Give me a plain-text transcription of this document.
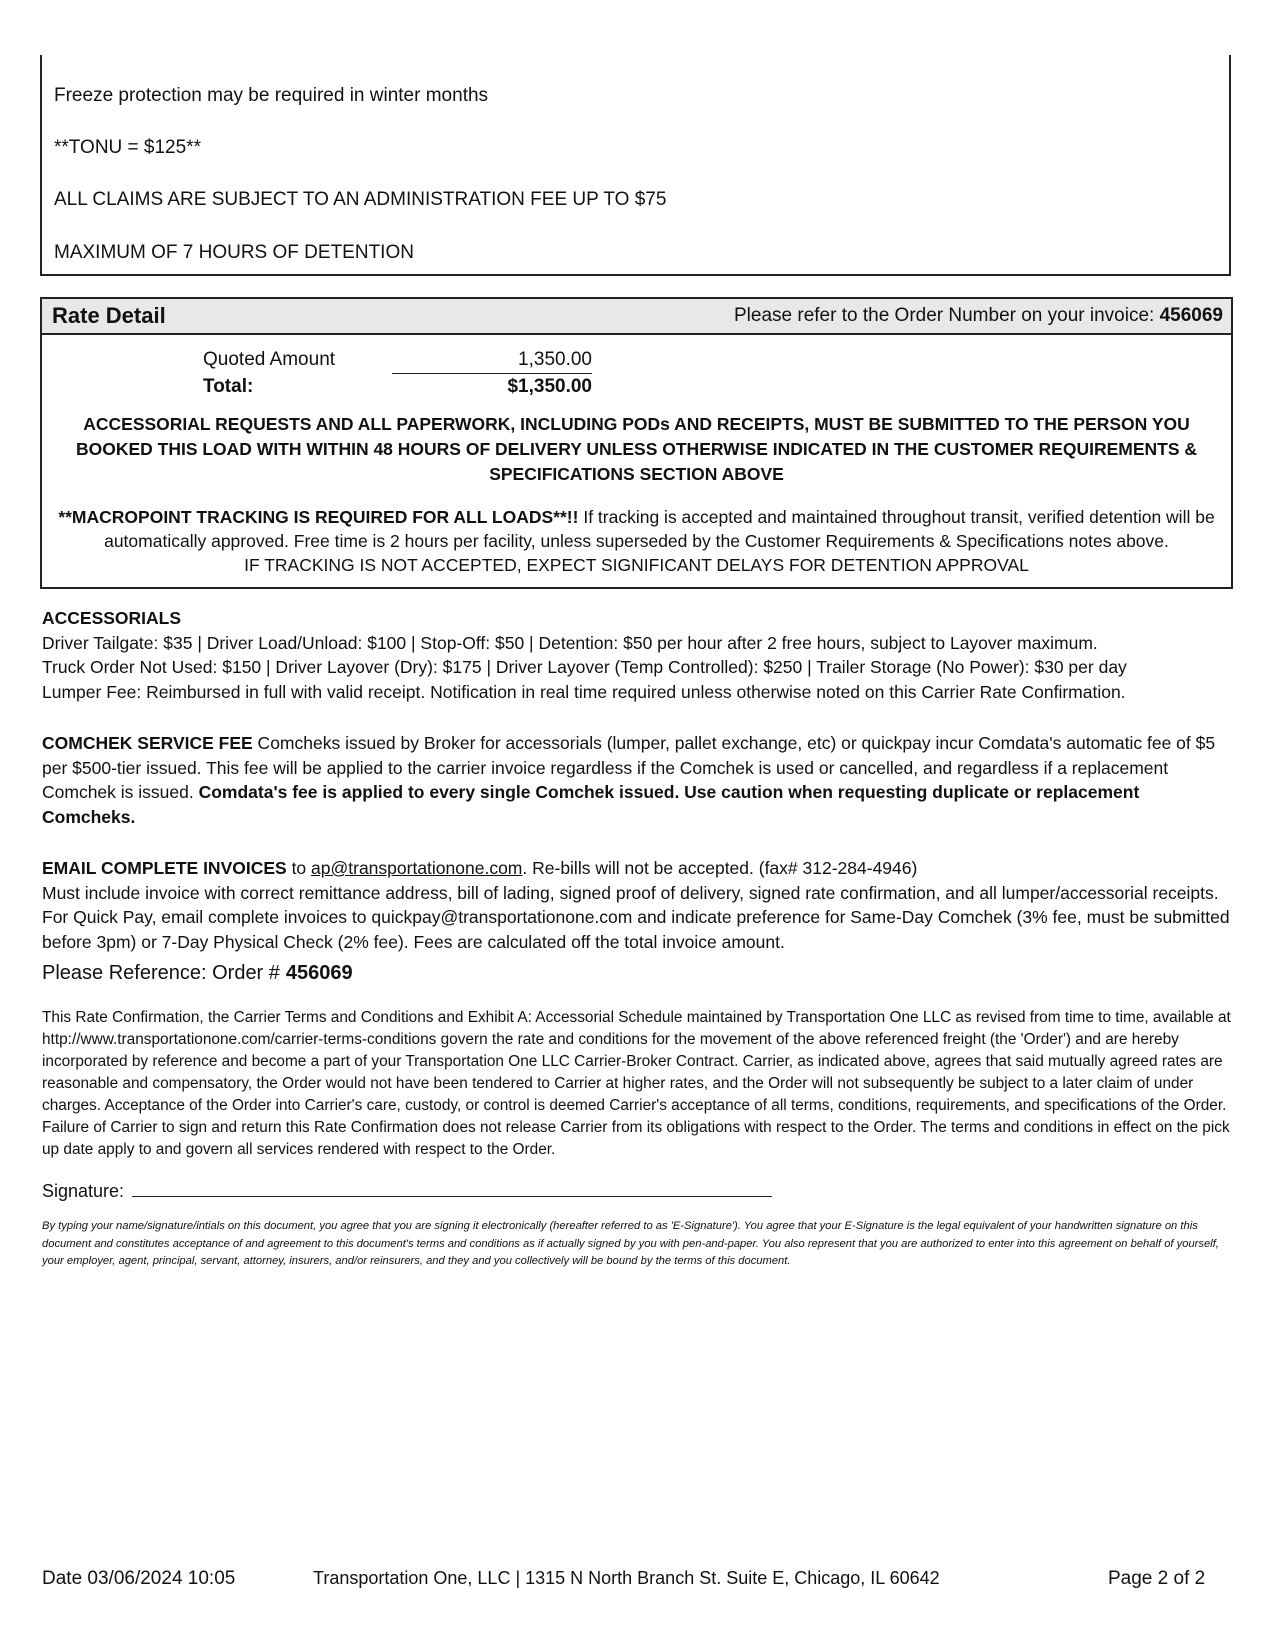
Freeze protection may be required in winter months
**TONU = $125**
ALL CLAIMS ARE SUBJECT TO AN ADMINISTRATION FEE UP TO $75
MAXIMUM OF 7 HOURS OF DETENTION
Rate Detail	Please refer to the Order Number on your invoice: 456069
Quoted Amount	1,350.00
Total:	$1,350.00
ACCESSORIAL REQUESTS AND ALL PAPERWORK, INCLUDING PODs AND RECEIPTS, MUST BE SUBMITTED TO THE PERSON YOU BOOKED THIS LOAD WITH WITHIN 48 HOURS OF DELIVERY UNLESS OTHERWISE INDICATED IN THE CUSTOMER REQUIREMENTS & SPECIFICATIONS SECTION ABOVE
**MACROPOINT TRACKING IS REQUIRED FOR ALL LOADS**!! If tracking is accepted and maintained throughout transit, verified detention will be automatically approved. Free time is 2 hours per facility, unless superseded by the Customer Requirements & Specifications notes above.
IF TRACKING IS NOT ACCEPTED, EXPECT SIGNIFICANT DELAYS FOR DETENTION APPROVAL
ACCESSORIALS
Driver Tailgate: $35 | Driver Load/Unload: $100 | Stop-Off: $50 | Detention: $50 per hour after 2 free hours, subject to Layover maximum.
Truck Order Not Used: $150 | Driver Layover (Dry): $175 | Driver Layover (Temp Controlled): $250 | Trailer Storage (No Power): $30 per day
Lumper Fee: Reimbursed in full with valid receipt. Notification in real time required unless otherwise noted on this Carrier Rate Confirmation.
COMCHEK SERVICE FEE Comcheks issued by Broker for accessorials (lumper, pallet exchange, etc) or quickpay incur Comdata's automatic fee of $5 per $500-tier issued. This fee will be applied to the carrier invoice regardless if the Comchek is used or cancelled, and regardless if a replacement Comchek is issued. Comdata's fee is applied to every single Comchek issued. Use caution when requesting duplicate or replacement Comcheks.
EMAIL COMPLETE INVOICES to ap@transportationone.com. Re-bills will not be accepted. (fax# 312-284-4946)
Must include invoice with correct remittance address, bill of lading, signed proof of delivery, signed rate confirmation, and all lumper/accessorial receipts. For Quick Pay, email complete invoices to quickpay@transportationone.com and indicate preference for Same-Day Comchek (3% fee, must be submitted before 3pm) or 7-Day Physical Check (2% fee). Fees are calculated off the total invoice amount.
Please Reference: Order # 456069
This Rate Confirmation, the Carrier Terms and Conditions and Exhibit A: Accessorial Schedule maintained by Transportation One LLC as revised from time to time, available at http://www.transportationone.com/carrier-terms-conditions govern the rate and conditions for the movement of the above referenced freight (the 'Order') and are hereby incorporated by reference and become a part of your Transportation One LLC Carrier-Broker Contract. Carrier, as indicated above, agrees that said mutually agreed rates are reasonable and compensatory, the Order would not have been tendered to Carrier at higher rates, and the Order will not subsequently be subject to a later claim of under charges. Acceptance of the Order into Carrier's care, custody, or control is deemed Carrier's acceptance of all terms, conditions, requirements, and specifications of the Order. Failure of Carrier to sign and return this Rate Confirmation does not release Carrier from its obligations with respect to the Order. The terms and conditions in effect on the pick up date apply to and govern all services rendered with respect to the Order.
Signature:
By typing your name/signature/intials on this document, you agree that you are signing it electronically (hereafter referred to as 'E-Signature'). You agree that your E-Signature is the legal equivalent of your handwritten signature on this document and constitutes acceptance of and agreement to this document's terms and conditions as if actually signed by you with pen-and-paper. You also represent that you are authorized to enter into this agreement on behalf of yourself, your employer, agent, principal, servant, attorney, insurers, and/or reinsurers, and they and you collectively will be bound by the terms of this document.
Date 03/06/2024 10:05	Transportation One, LLC | 1315 N North Branch St. Suite E, Chicago, IL 60642	Page 2 of 2
